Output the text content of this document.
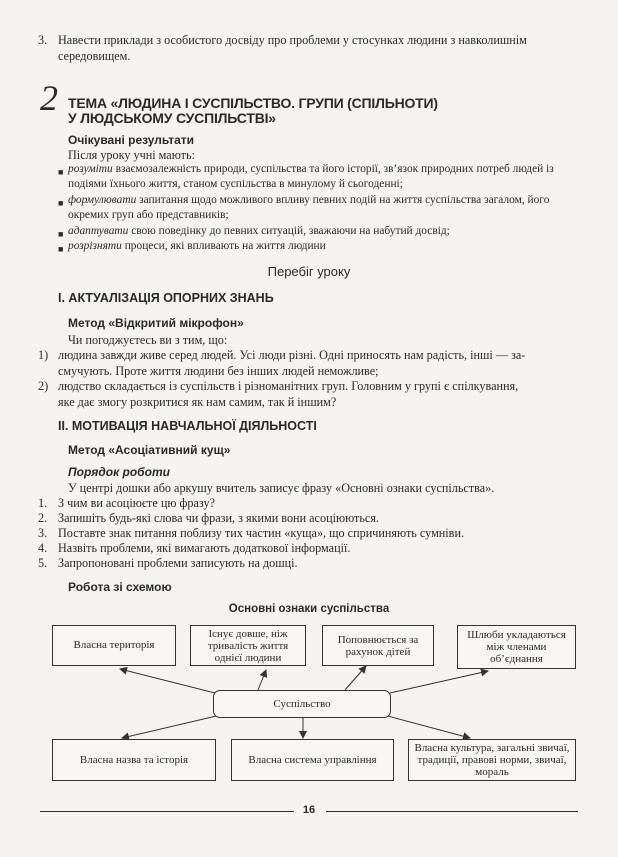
3. Навести приклади з особистого досвіду про проблеми у стосунках людини з навколишнім
середовищем.
2 ТЕМА «ЛЮДИНА І СУСПІЛЬСТВО. ГРУПИ (СПІЛЬНОТИ)
У ЛЮДСЬКОМУ СУСПІЛЬСТВІ»
Очікувані результати
Після уроку учні мають:
■ розуміти взаємозалежність природи, суспільства та його історії, зв’язок природних потреб людей із
подіями їхнього життя, станом суспільства в минулому й сьогоденні;
■ формулювати запитання щодо можливого впливу певних подій на життя суспільства загалом, його
окремих груп або представників;
■ адаптувати свою поведінку до певних ситуацій, зважаючи на набутий досвід;
■ розрізняти процеси, які впливають на життя людини
Перебіг уроку
I. АКТУАЛІЗАЦІЯ ОПОРНИХ ЗНАНЬ
Метод «Відкритий мікрофон»
Чи погоджуєтесь ви з тим, що:
1) людина завжди живе серед людей. Усі люди різні. Одні приносять нам радість, інші — за-
смучують. Проте життя людини без інших людей неможливе;
2) людство складається із суспільств і різноманітних груп. Головним у групі є спілкування,
яке дає змогу розкритися як нам самим, так й іншим?
II. МОТИВАЦІЯ НАВЧАЛЬНОЇ ДІЯЛЬНОСТІ
Метод «Асоціативний кущ»
Порядок роботи
У центрі дошки або аркушу вчитель записує фразу «Основні ознаки суспільства».
1. З чим ви асоціюєте цю фразу?
2. Запишіть будь-які слова чи фрази, з якими вони асоціюються.
3. Поставте знак питання поблизу тих частин «куща», що спричиняють сумніви.
4. Назвіть проблеми, які вимагають додаткової інформації.
5. Запропоновані проблеми записують на дошці.
Робота зі схемою
Основні ознаки суспільства
Власна територія
Існує довше, ніж тривалість життя однієї людини
Поповнюється за рахунок дітей
Шлюби укладаються між членами об’єднання
Суспільство
Власна назва та історія	Власна система управління
Власна культура, загальні звичаї, традиції, правові норми, звичаї, мораль
16
